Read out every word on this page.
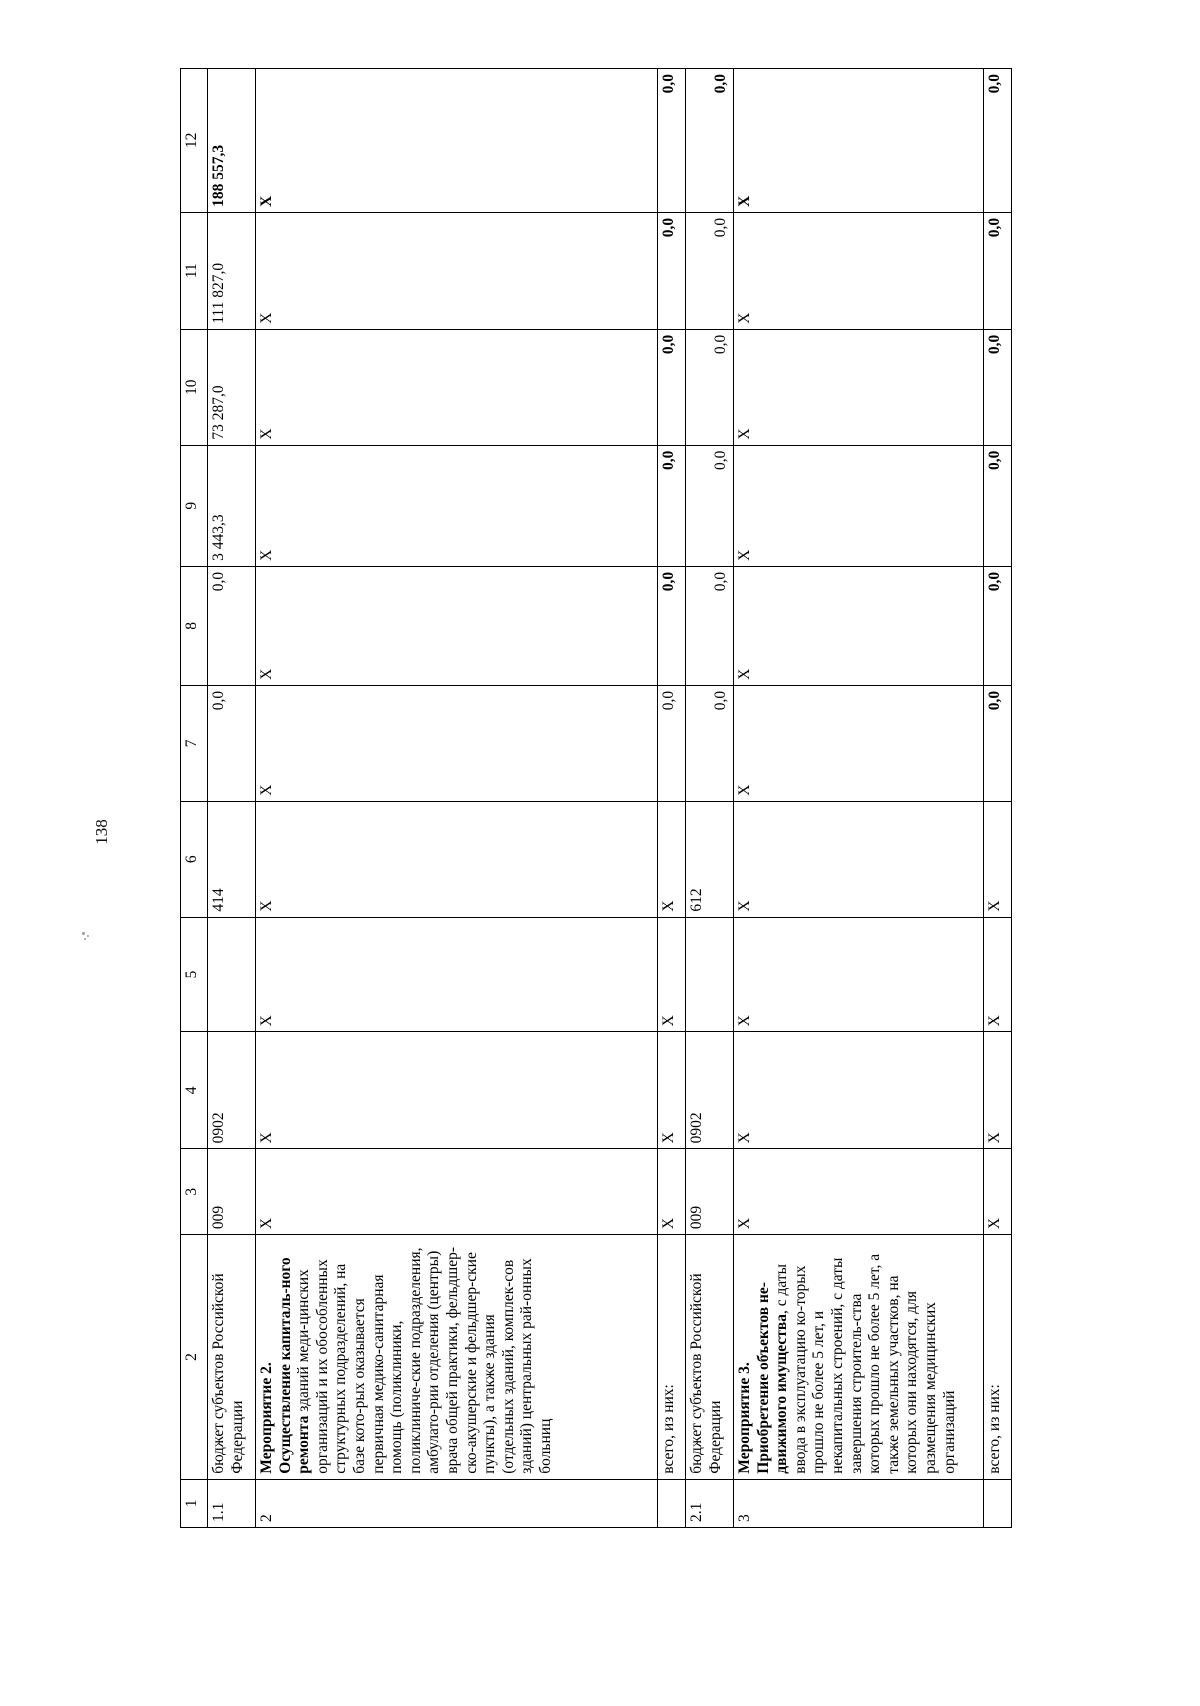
138
1	2	3	4	5	6	7	8	9	10	11	12
1.1	бюджет субъектов Российской Федерации	009	0902		414	0,0	0,0	3 443,3	73 287,0	111 827,0	188 557,3
2	Мероприятие 2. Осуществление капиталь-ного ремонта зданий меди-цинских организаций и их обособленных структурных подразделений, на базе кото-рых оказывается первичная медико-санитарная помощь (поликлиники, поликлиниче-ские подразделения, амбулато-рии отделения (центры) врача общей практики, фельдшер-ско-акушерские и фельдшер-ские пункты), а также здания (отдельных зданий, комплек-сов зданий) центральных рай-онных больниц	Х	Х	Х	Х	Х	Х	Х	Х	Х	Х
	всего, из них:	Х	Х	Х	Х	0,0	0,0	0,0	0,0	0,0	0,0
2.1	бюджет субъектов Российской Федерации	009	0902		612	0,0	0,0	0,0	0,0	0,0	0,0
3	Мероприятие 3. Приобретение объектов не-движимого имущества, с даты ввода в эксплуатацию ко-торых прошло не более 5 лет, и некапитальных строений, с даты завершения строитель-ства которых прошло не более 5 лет, а также земельных участков, на которых они находятся, для размещения медицинских организаций	Х	Х	Х	Х	Х	Х	Х	Х	Х	Х
	всего, из них:	Х	Х	Х	Х	0,0	0,0	0,0	0,0	0,0	0,0
